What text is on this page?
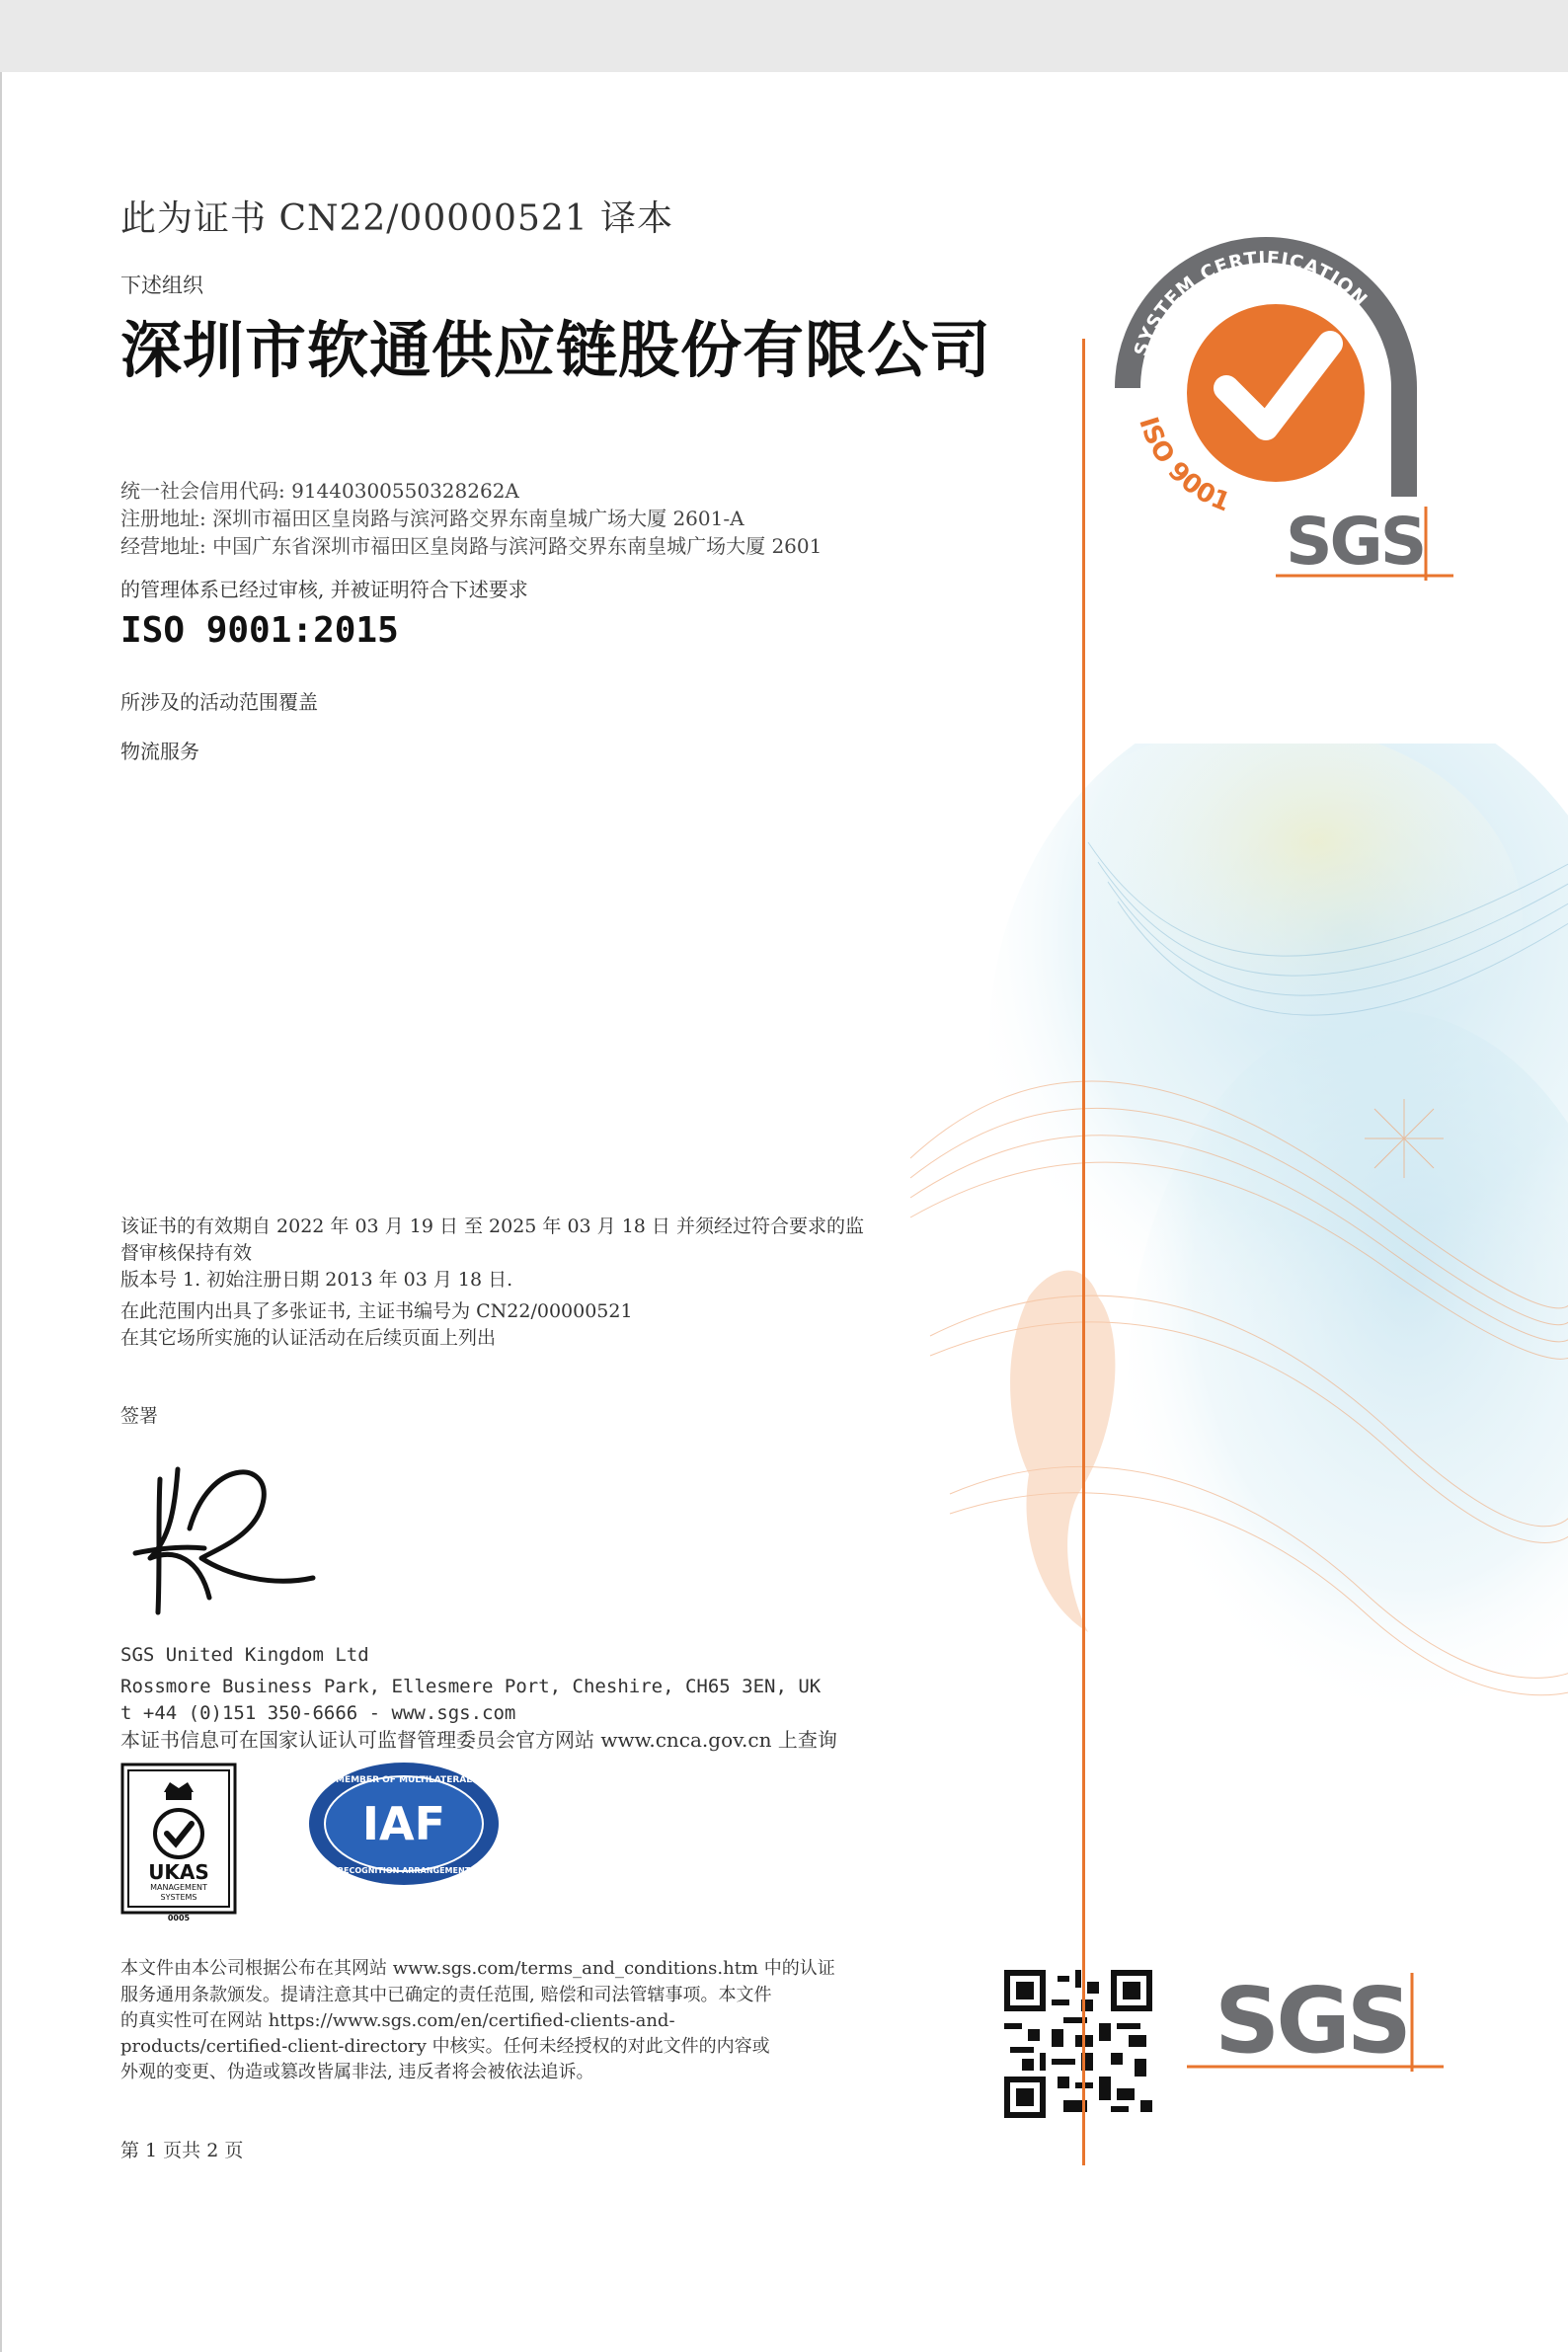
此为证书 CN22/00000521 译本
下述组织
深圳市软通供应链股份有限公司
统一社会信用代码: 91440300550328262A
注册地址: 深圳市福田区皇岗路与滨河路交界东南皇城广场大厦 2601-A
经营地址: 中国广东省深圳市福田区皇岗路与滨河路交界东南皇城广场大厦 2601
的管理体系已经过审核, 并被证明符合下述要求
ISO 9001:2015
所涉及的活动范围覆盖
物流服务
该证书的有效期自 2022 年 03 月 19 日 至 2025 年 03 月 18 日 并须经过符合要求的监
督审核保持有效
版本号 1. 初始注册日期 2013 年 03 月 18 日.
在此范围内出具了多张证书, 主证书编号为 CN22/00000521
在其它场所实施的认证活动在后续页面上列出
签署
SGS United Kingdom Ltd
Rossmore Business Park, Ellesmere Port, Cheshire, CH65 3EN, UK
t +44 (0)151 350-6666 - www.sgs.com
本证书信息可在国家认证认可监督管理委员会官方网站 www.cnca.gov.cn 上查询
UKAS
MANAGEMENT
SYSTEMS
0005
MEMBER OF MULTILATERAL
IAF
RECOGNITION ARRANGEMENT
本文件由本公司根据公布在其网站 www.sgs.com/terms_and_conditions.htm 中的认证
服务通用条款颁发。提请注意其中已确定的责任范围, 赔偿和司法管辖事项。本文件
的真实性可在网站 https://www.sgs.com/en/certified-clients-and-
products/certified-client-directory 中核实。任何未经授权的对此文件的内容或
外观的变更、伪造或篡改皆属非法, 违反者将会被依法追诉。	SGS
第 1 页共 2 页
SYSTEM CERTIFICATION
ISO 9001
SGS
